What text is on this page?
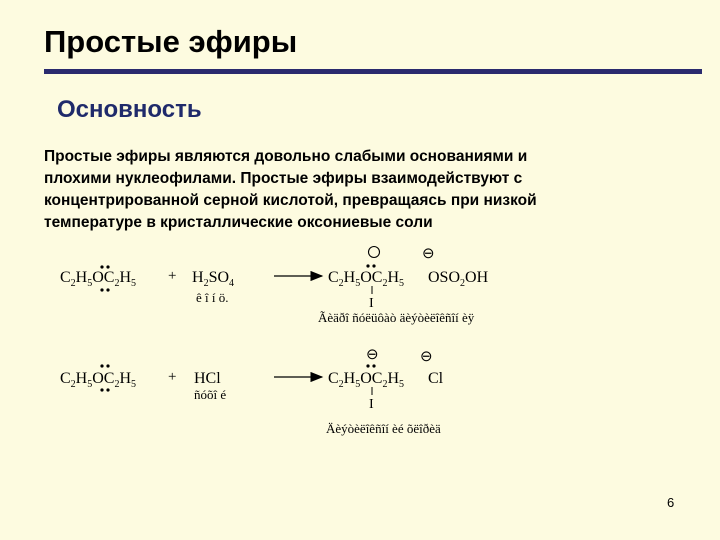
Простые эфиры
Основность
Простые эфиры являются довольно слабыми основаниями и
плохими нуклеофилами. Простые эфиры взаимодействуют с
концентрированной серной кислотой, превращаясь при низкой
температуре в кристаллические оксониевые соли
$C_2H_5OC_2H_5 + H_2SO_4$
ê î í ö.
$C_2H_5OC_2H_5$
I
⊖
$OSO_2OH$
Ãèäðî ñóëüôàò äèýòèëîêñîí èÿ
$C_2H_5OC_2H_5$ + HCl
ñóõî é
$C_2H_5OC_2H_5$
⊖
I
⊖
Cl
Äèýòèëîêñîí èé õëîðèä
6
